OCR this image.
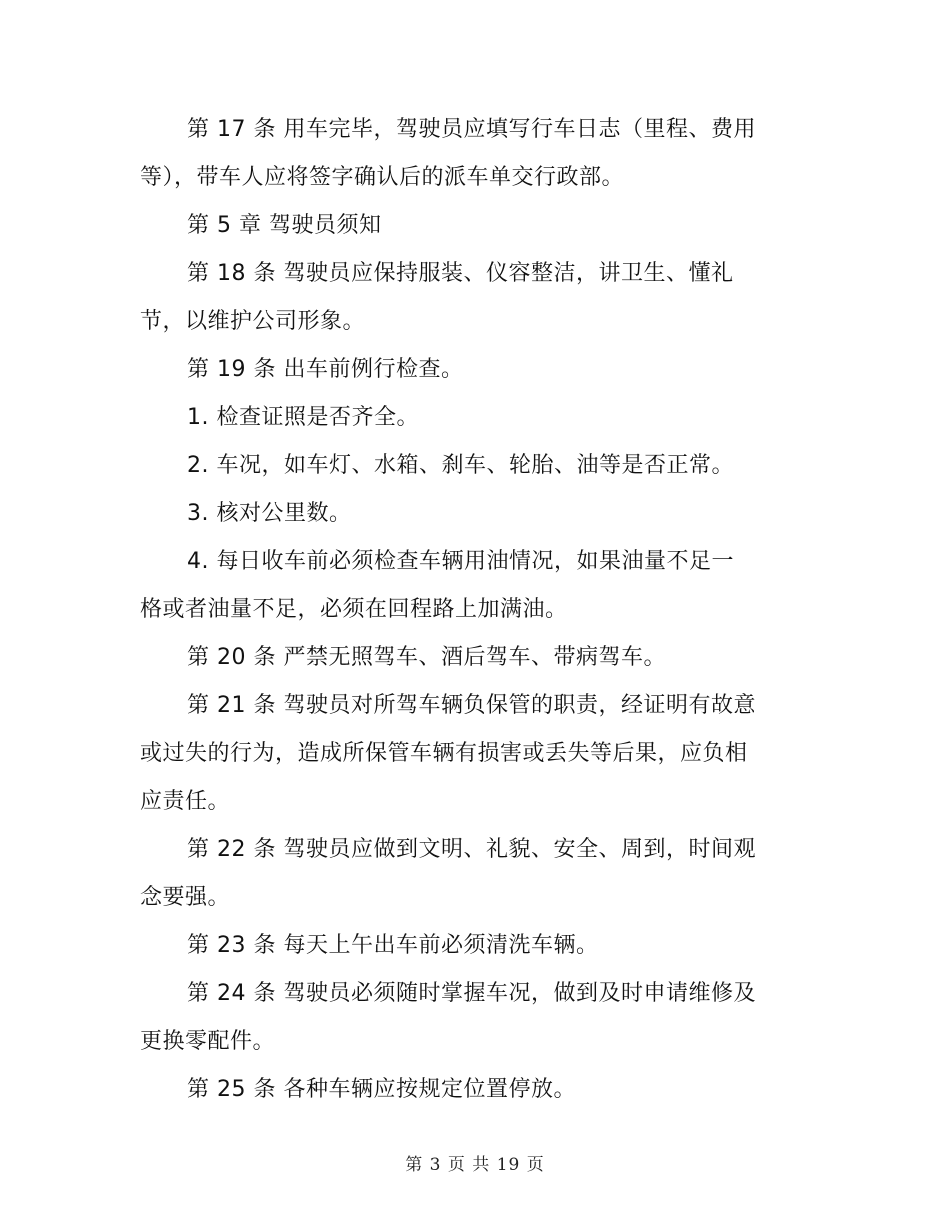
第 17 条 用车完毕，驾驶员应填写行车日志（里程、费用
等），带车人应将签字确认后的派车单交行政部。
第 5 章 驾驶员须知
第 18 条 驾驶员应保持服装、仪容整洁，讲卫生、懂礼
节，以维护公司形象。
第 19 条 出车前例行检查。
1. 检查证照是否齐全。
2. 车况，如车灯、水箱、刹车、轮胎、油等是否正常。
3. 核对公里数。
4. 每日收车前必须检查车辆用油情况，如果油量不足一
格或者油量不足，必须在回程路上加满油。
第 20 条 严禁无照驾车、酒后驾车、带病驾车。
第 21 条 驾驶员对所驾车辆负保管的职责，经证明有故意
或过失的行为，造成所保管车辆有损害或丢失等后果，应负相
应责任。
第 22 条 驾驶员应做到文明、礼貌、安全、周到，时间观
念要强。
第 23 条 每天上午出车前必须清洗车辆。
第 24 条 驾驶员必须随时掌握车况，做到及时申请维修及
更换零配件。
第 25 条 各种车辆应按规定位置停放。
第 3 页 共 19 页
